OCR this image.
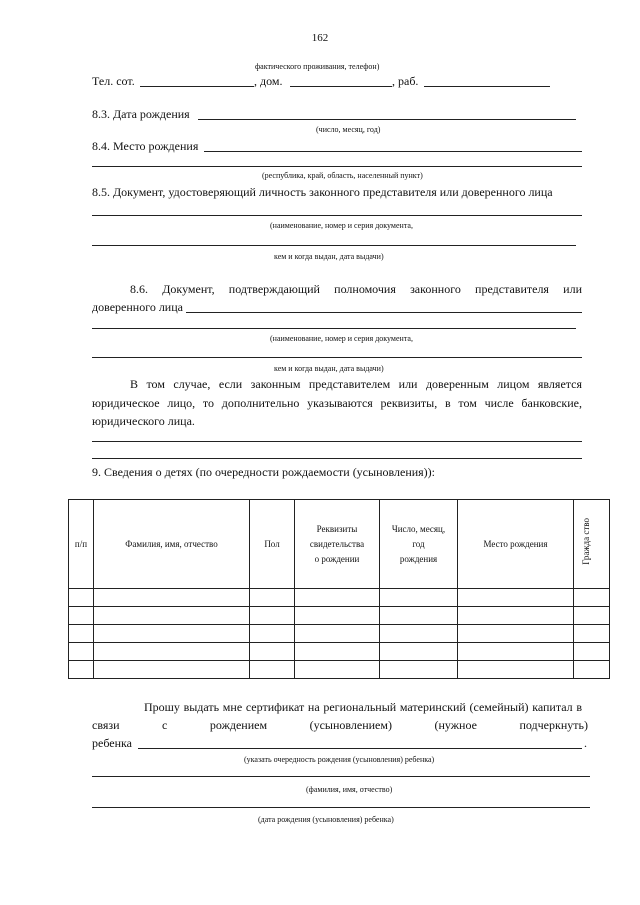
162
фактического проживания, телефон)
Тел. сот.	, дом.	, раб.
8.3. Дата рождения
(число, месяц, год)
8.4. Место рождения
(республика, край, область, населенный пункт)
8.5. Документ, удостоверяющий личность законного представителя или доверенного лица
(наименование, номер и серия документа,
кем и когда выдан, дата выдачи)
8.6. Документ, подтверждающий полномочия законного представителя или
доверенного лица
(наименование, номер и серия документа,
кем и когда выдан, дата выдачи)
В том случае, если законным представителем или доверенным лицом является
юридическое лицо, то дополнительно указываются реквизиты, в том числе банковские,
юридического лица.
9. Сведения о детях (по очередности рождаемости (усыновления)):
п/п	Фамилия, имя, отчество	Пол	Реквизиты
свидетельства
о рождении	Число, месяц,
год
рождения	Место рождения	Гражда ство

Прошу выдать мне сертификат на региональный материнский (семейный) капитал в
связи	с	рождением	(усыновлением)	(нужное	подчеркнуть)
ребенка	.
(указать очередность рождения (усыновления) ребенка)
(фамилия, имя, отчество)
(дата рождения (усыновления) ребенка)
